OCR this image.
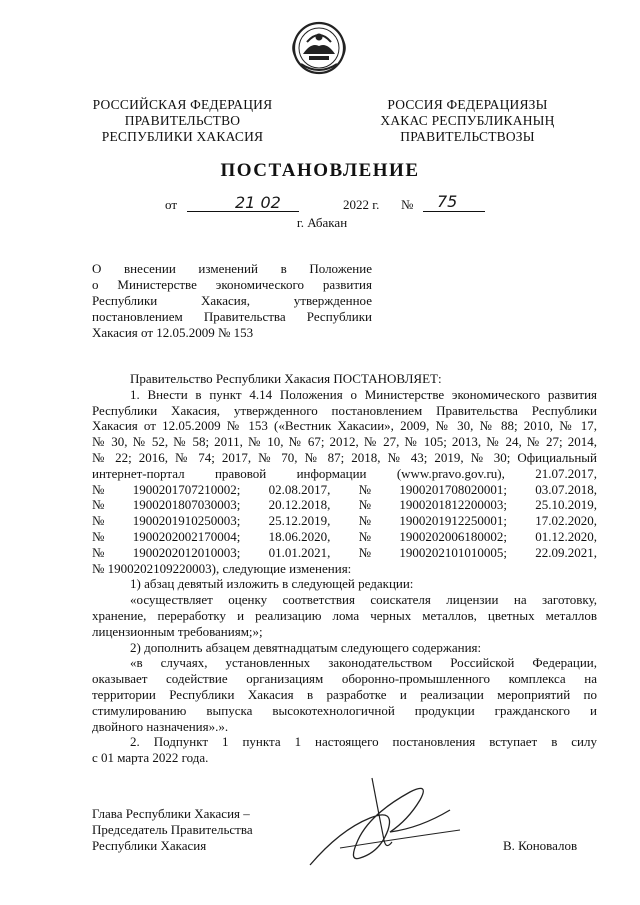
РОССИЙСКАЯ ФЕДЕРАЦИЯ
ПРАВИТЕЛЬСТВО
РЕСПУБЛИКИ ХАКАСИЯ
РОССИЯ ФЕДЕРАЦИЯЗЫ
ХАКАС РЕСПУБЛИКАНЫҢ
ПРАВИТЕЛЬСТВОЗЫ
ПОСТАНОВЛЕНИЕ
от	21 02	2022 г. № 75
г. Абакан
О внесении изменений в Положение
о Министерстве экономического развития
Республики Хакасия, утвержденное
постановлением Правительства Республики
Хакасия от 12.05.2009 № 153
Правительство Республики Хакасия ПОСТАНОВЛЯЕТ:
1. Внести в пункт 4.14 Положения о Министерстве экономического развития
Республики Хакасия, утвержденного постановлением Правительства Республики
Хакасия от 12.05.2009 № 153 («Вестник Хакасии», 2009, № 30, № 88; 2010, № 17,
№ 30, № 52, № 58; 2011, № 10, № 67; 2012, № 27, № 105; 2013, № 24, № 27; 2014,
№ 22; 2016, № 74; 2017, № 70, № 87; 2018, № 43; 2019, № 30; Официальный
интернет-портал правовой информации (www.pravo.gov.ru), 21.07.2017,
№ 1900201707210002; 02.08.2017, № 1900201708020001; 03.07.2018,
№ 1900201807030003; 20.12.2018, № 1900201812200003; 25.10.2019,
№ 1900201910250003; 25.12.2019, № 1900201912250001; 17.02.2020,
№ 1900202002170004; 18.06.2020, № 1900202006180002; 01.12.2020,
№ 1900202012010003; 01.01.2021, № 1900202101010005; 22.09.2021,
№ 1900202109220003), следующие изменения:
1) абзац девятый изложить в следующей редакции:
«осуществляет оценку соответствия соискателя лицензии на заготовку,
хранение, переработку и реализацию лома черных металлов, цветных металлов
лицензионным требованиям;»;
2) дополнить абзацем девятнадцатым следующего содержания:
«в случаях, установленных законодательством Российской Федерации,
оказывает содействие организациям оборонно-промышленного комплекса на
территории Республики Хакасия в разработке и реализации мероприятий по
стимулированию выпуска высокотехнологичной продукции гражданского и
двойного назначения».».
2. Подпункт 1 пункта 1 настоящего постановления вступает в силу
с 01 марта 2022 года.
Глава Республики Хакасия –
Председатель Правительства
Республики Хакасия	В. Коновалов
